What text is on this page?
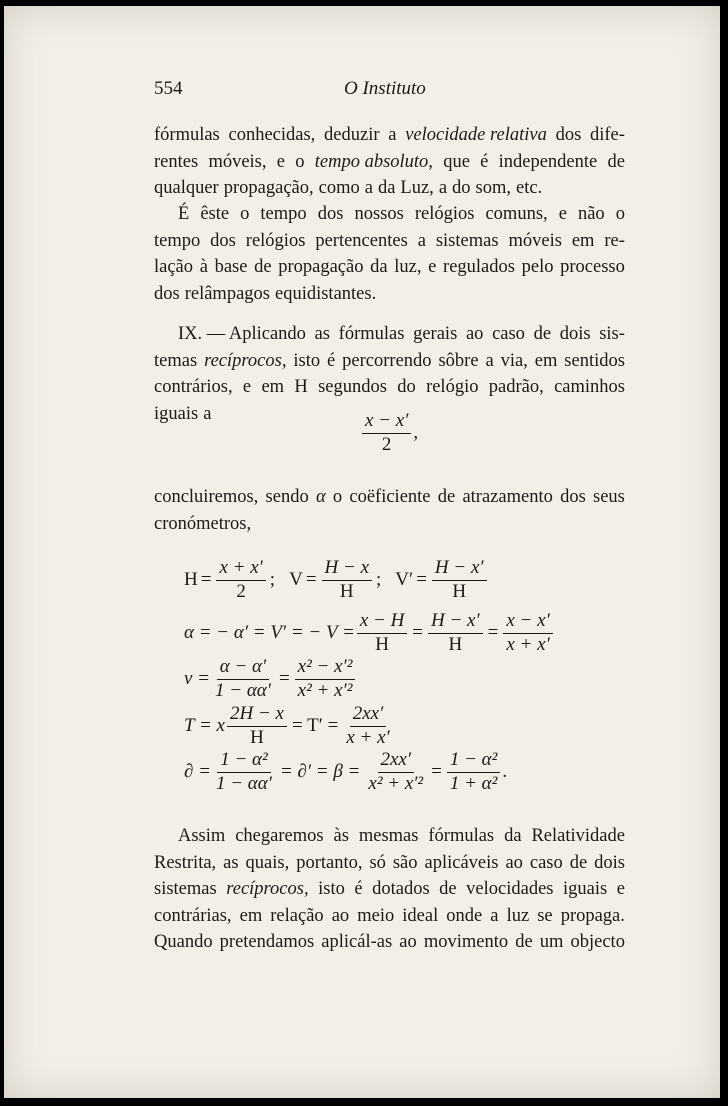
554	O Instituto
fórmulas conhecidas, deduzir a velocidade relativa dos dife-
rentes móveis, e o tempo absoluto, que é independente de
qualquer propagação, como a da Luz, a do som, etc.
É êste o tempo dos nossos relógios comuns, e não o
tempo dos relógios pertencentes a sistemas móveis em re-
lação à base de propagação da luz, e regulados pelo processo
dos relâmpagos equidistantes.
IX. — Aplicando as fórmulas gerais ao caso de dois sis-
temas recíprocos, isto é percorrendo sôbre a via, em sentidos
contrários, e em H segundos do relógio padrão, caminhos
iguais a	$\frac{x - x'}{2}$ ,
concluiremos, sendo α o coëficiente de atrazamento dos seus
cronómetros,
$H = \frac{x + x'}{2}$ ; $V = \frac{H - x}{H}$ ; $V' = \frac{H - x'}{H}$
α = − α′ = V′ = − $V = \frac{x - H}{H} = \frac{H - x'}{H} = \frac{x - x'}{x + x'}$
$v = \frac{\alpha - \alpha'}{1 - \alpha\alpha'} = \frac{\text{x² − x′²}}{\text{x² + x′²}}$
T = x $\frac{2H - x}{H} = T' = \frac{2xx'}{x + x'}$
∂ = $\frac{\text{1 − α²}}{1 - \alpha\alpha'}$ = ∂′ = $\beta = \frac{2xx'}{\text{x² + x′²}} = \frac{\text{1 − α²}}{\text{1 + α²}}$ .
Assim chegaremos às mesmas fórmulas da Relatividade
Restrita, as quais, portanto, só são aplicáveis ao caso de dois
sistemas recíprocos, isto é dotados de velocidades iguais e
contrárias, em relação ao meio ideal onde a luz se propaga.
Quando pretendamos aplicál-as ao movimento de um objecto
